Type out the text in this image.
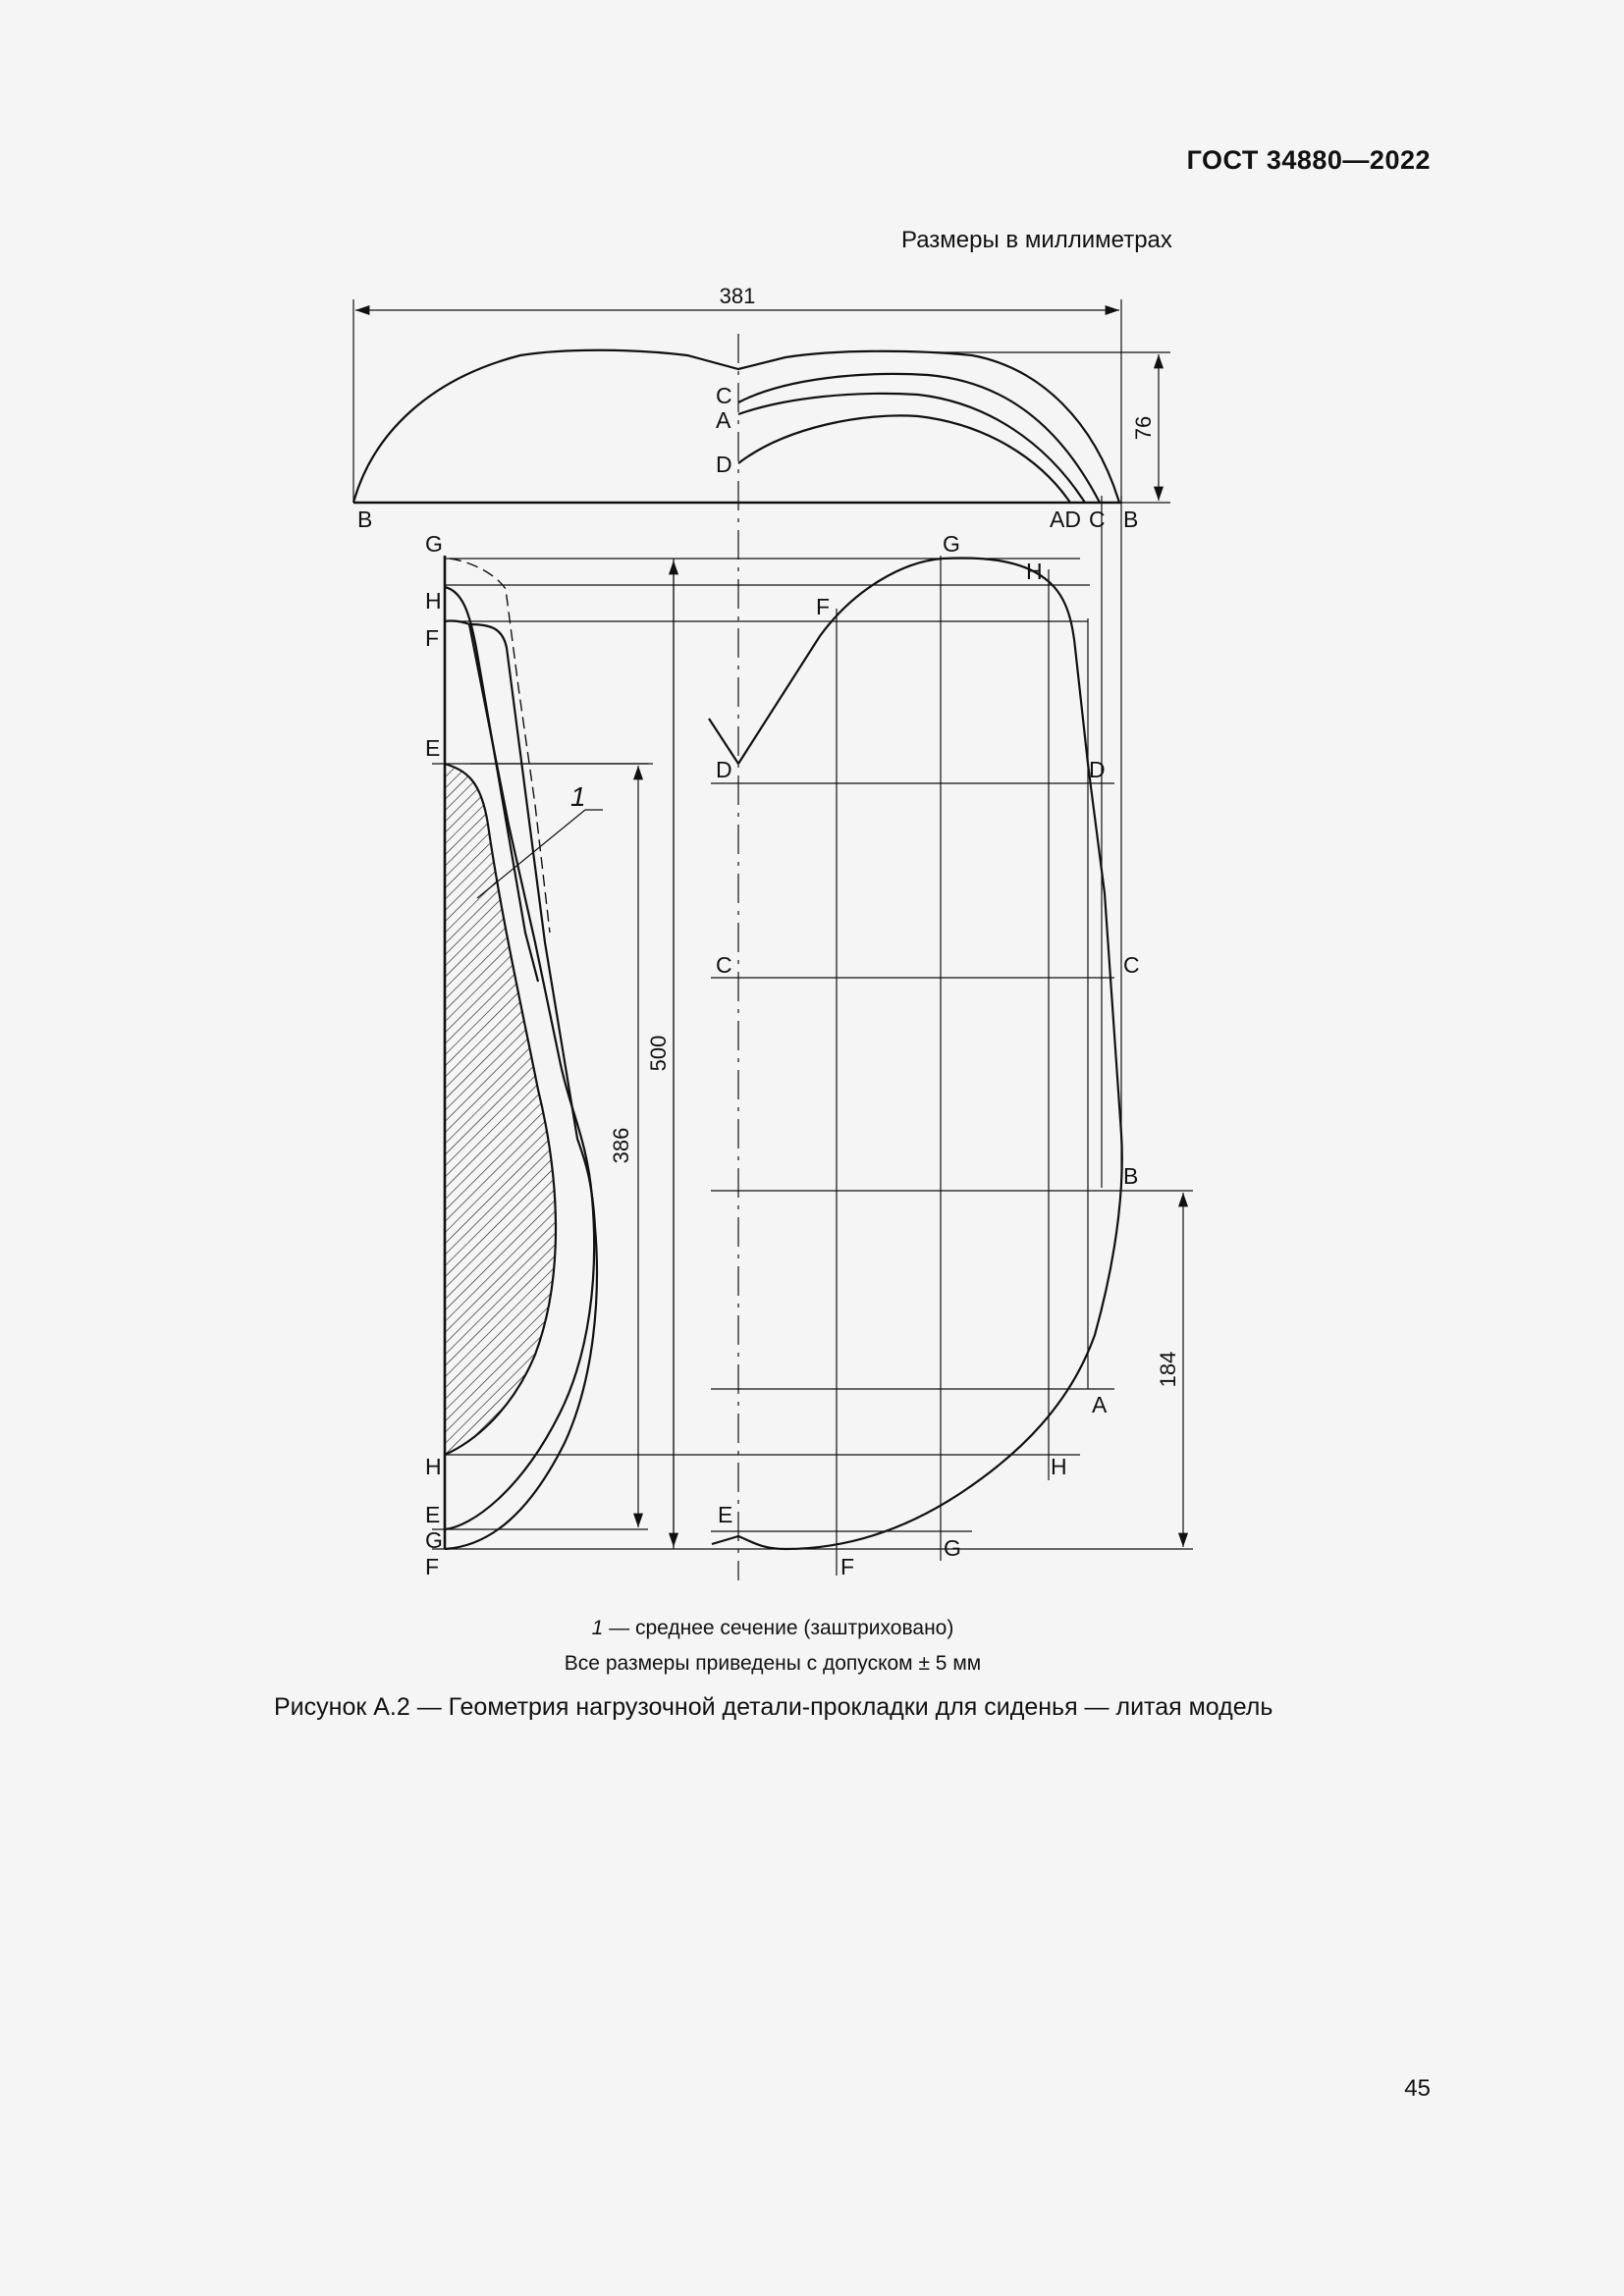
ГОСТ 34880—2022
Размеры в миллиметрах
381
76
500
386
184
B
C
A
D
AD C B
G
H
F
E
H
E
G
F
1
G
H
F
D	D
C	C
B
A
H
E
F
G
1 — среднее сечение (заштриховано)
Все размеры приведены с допуском ± 5 мм
Рисунок А.2 — Геометрия нагрузочной детали-прокладки для сиденья — литая модель
45
